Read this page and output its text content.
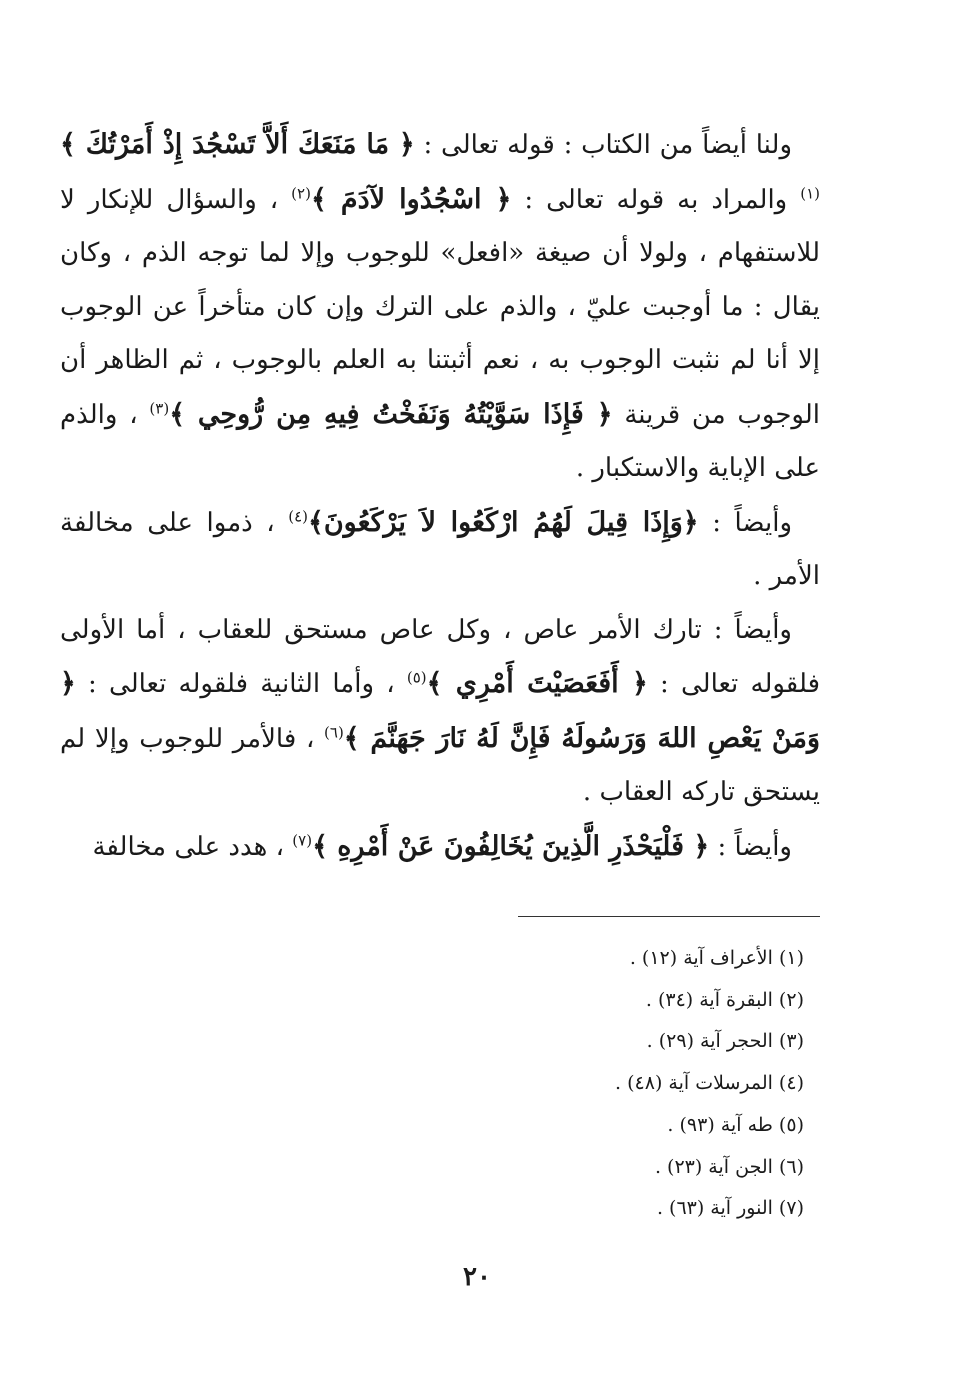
ولنا أيضاً من الكتاب : قوله تعالى : ﴿ مَا مَنَعَكَ أَلاَّ تَسْجُدَ إِذْ أَمَرْتُكَ ﴾$^{(١)}$ والمراد به قوله تعالى : ﴿ اسْجُدُوا لآدَمَ ﴾$^{(٢)}$ ، والسؤال للإنكار لا للاستفهام ، ولولا أن صيغة «افعل» للوجوب وإلا لما توجه الذم ، وكان يقال : ما أوجبت عليّ ، والذم على الترك وإن كان متأخراً عن الوجوب إلا أنا لم نثبت الوجوب به ، نعم أثبتنا به العلم بالوجوب ، ثم الظاهر أن الوجوب من قرينة ﴿ فَإِذَا سَوَّيْتُهُ وَنَفَخْتُ فِيهِ مِن رُّوحِي ﴾$^{(٣)}$ ، والذم على الإباية والاستكبار .

وأيضاً : ﴿وَإِذَا قِيلَ لَهُمُ ارْكَعُوا لاَ يَرْكَعُونَ﴾$^{(٤)}$ ، ذموا على مخالفة الأمر .

وأيضاً : تارك الأمر عاص ، وكل عاص مستحق للعقاب ، أما الأولى فلقوله تعالى : ﴿ أَفَعَصَيْتَ أَمْرِي ﴾$^{(٥)}$ ، وأما الثانية فلقوله تعالى : ﴿ وَمَنْ يَعْصِ اللهَ وَرَسُولَهُ فَإِنَّ لَهُ نَارَ جَهَنَّمَ ﴾$^{(٦)}$ ، فالأمر للوجوب وإلا لم يستحق تاركه العقاب .

وأيضاً : ﴿ فَلْيَحْذَرِ الَّذِينَ يُخَالِفُونَ عَنْ أَمْرِهِ ﴾$^{(٧)}$ ، هدد على مخالفة

(١) الأعراف آية (١٢) .
(٢) البقرة آية (٣٤) .
(٣) الحجر آية (٢٩) .
(٤) المرسلات آية (٤٨) .
(٥) طه آية (٩٣) .
(٦) الجن آية (٢٣) .
(٧) النور آية (٦٣) .
٢٠
